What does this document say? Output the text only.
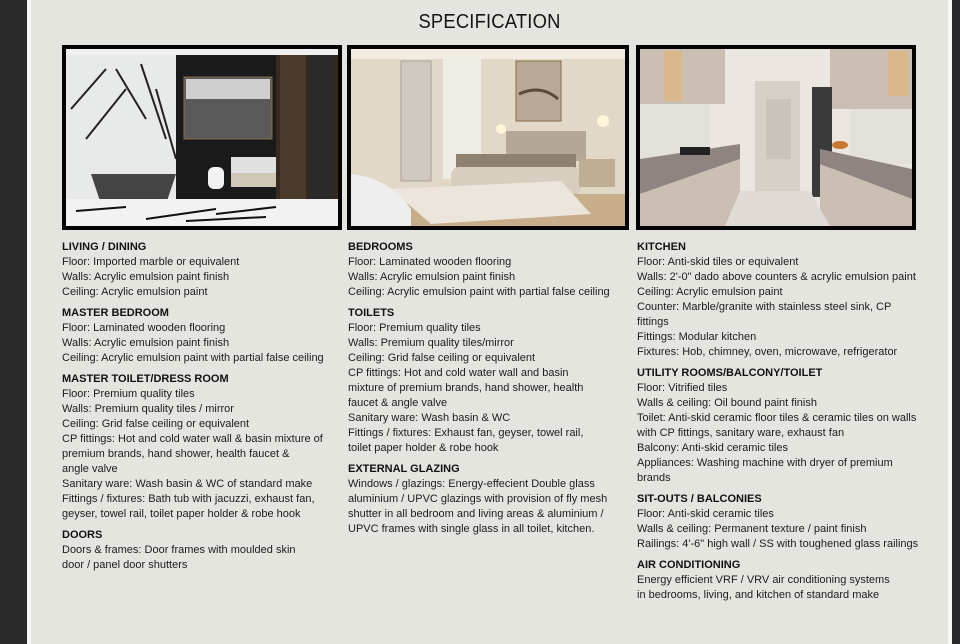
SPECIFICATION
LIVING / DINING
Floor: Imported marble or equivalent
Walls: Acrylic emulsion paint finish
Ceiling: Acrylic emulsion paint
MASTER BEDROOM
Floor: Laminated wooden flooring
Walls: Acrylic emulsion paint finish
Ceiling: Acrylic emulsion paint with partial false ceiling
MASTER TOILET/DRESS ROOM
Floor: Premium quality tiles
Walls: Premium quality tiles / mirror
Ceiling: Grid false ceiling or equivalent
CP fittings: Hot and cold water wall & basin mixture of
premium brands, hand shower, health faucet &
angle valve
Sanitary ware: Wash basin & WC of standard make
Fittings / fixtures: Bath tub with jacuzzi, exhaust fan,
geyser, towel rail, toilet paper holder & robe hook
DOORS
Doors & frames: Door frames with moulded skin
door / panel door shutters
BEDROOMS
Floor: Laminated wooden flooring
Walls: Acrylic emulsion paint finish
Ceiling: Acrylic emulsion paint with partial false ceiling
TOILETS
Floor: Premium quality tiles
Walls: Premium quality tiles/mirror
Ceiling: Grid false ceiling or equivalent
CP fittings: Hot and cold water wall and basin
mixture of premium brands, hand shower, health
faucet & angle valve
Sanitary ware: Wash basin & WC
Fittings / fixtures: Exhaust fan, geyser, towel rail,
toilet paper holder & robe hook
EXTERNAL GLAZING
Windows / glazings: Energy-effecient Double glass
aluminium / UPVC glazings with provision of fly mesh
shutter in all bedroom and living areas & aluminium /
UPVC frames with single glass in all toilet, kitchen.
KITCHEN
Floor: Anti-skid tiles or equivalent
Walls: 2'-0" dado above counters & acrylic emulsion paint
Ceiling: Acrylic emulsion paint
Counter: Marble/granite with stainless steel sink, CP
fittings
Fittings: Modular kitchen
Fixtures: Hob, chimney, oven, microwave, refrigerator
UTILITY ROOMS/BALCONY/TOILET
Floor: Vitrified tiles
Walls & ceiling: Oil bound paint finish
Toilet: Anti-skid ceramic floor tiles & ceramic tiles on walls
with CP fittings, sanitary ware, exhaust fan
Balcony: Anti-skid ceramic tiles
Appliances: Washing machine with dryer of premium
brands
SIT-OUTS / BALCONIES
Floor: Anti-skid ceramic tiles
Walls & ceiling: Permanent texture / paint finish
Railings: 4'-6" high wall / SS with toughened glass railings
AIR CONDITIONING
Energy efficient VRF / VRV air conditioning systems
in bedrooms, living, and kitchen of standard make
